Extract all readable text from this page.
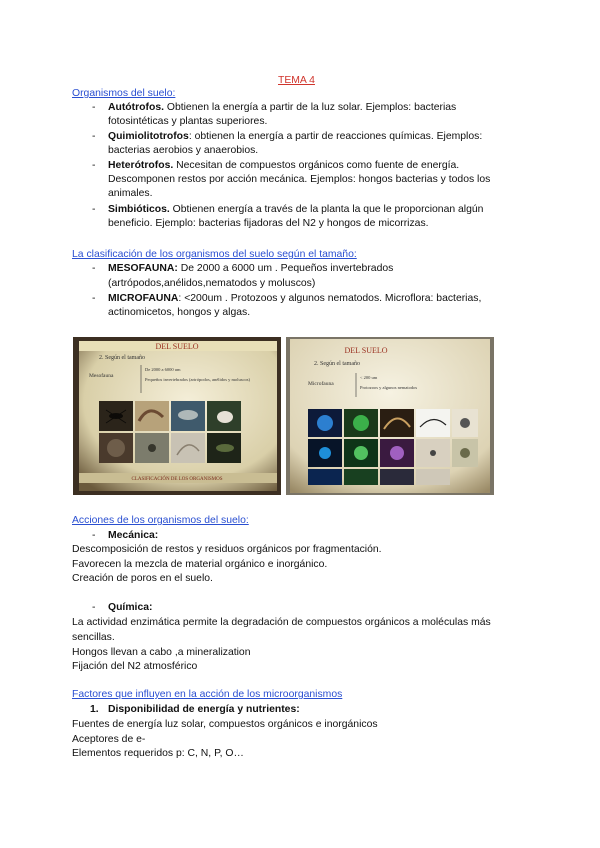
TEMA 4
Organismos del suelo:
- Autótrofos. Obtienen la energía a partir de la luz solar. Ejemplos: bacterias
fotosintéticas y plantas superiores.
- Quimiolitotrofos: obtienen la energía a partir de reacciones químicas. Ejemplos:
bacterias aerobios y anaerobios.
- Heterótrofos. Necesitan de compuestos orgánicos como fuente de energía.
Descomponen restos por acción mecánica. Ejemplos: hongos bacterias y todos los
animales.
- Simbióticos. Obtienen energía a través de la planta la que le proporcionan algún
beneficio. Ejemplo: bacterias fijadoras del N2 y hongos de micorrizas.
La clasificación de los organismos del suelo según el tamaño:
- MESOFAUNA: De 2000 a 6000 um . Pequeños invertebrados
(artrópodos,anélidos,nematodos y moluscos)
- MICROFAUNA: <200um . Protozoos y algunos nematodos. Microflora: bacterias,
actinomicetos, hongos y algas.
DEL SUELO
2. Según el tamaño
Mesofauna
De 2000 a 6000 um
Pequeños invertebrados (artrópodos, anélidos y moluscos)
CLASIFICACIÓN DE LOS ORGANISMOS
DEL SUELO
2. Según el tamaño
Microfauna
< 200 um
Protozoos y algunos nematodos
Acciones de los organismos del suelo:
- Mecánica:
Descomposición de restos y residuos orgánicos por fragmentación.
Favorecen la mezcla de material orgánico e inorgánico.
Creación de poros en el suelo.
- Química:
La actividad enzimática permite la degradación de compuestos orgánicos a moléculas más
sencillas.
Hongos llevan a cabo ,a mineralization
Fijación del N2 atmosférico
Factores que influyen en la acción de los microorganismos
1. Disponibilidad de energía y nutrientes:
Fuentes de energía luz solar, compuestos orgánicos e inorgánicos
Aceptores de e-
Elementos requeridos p: C, N, P, O…
